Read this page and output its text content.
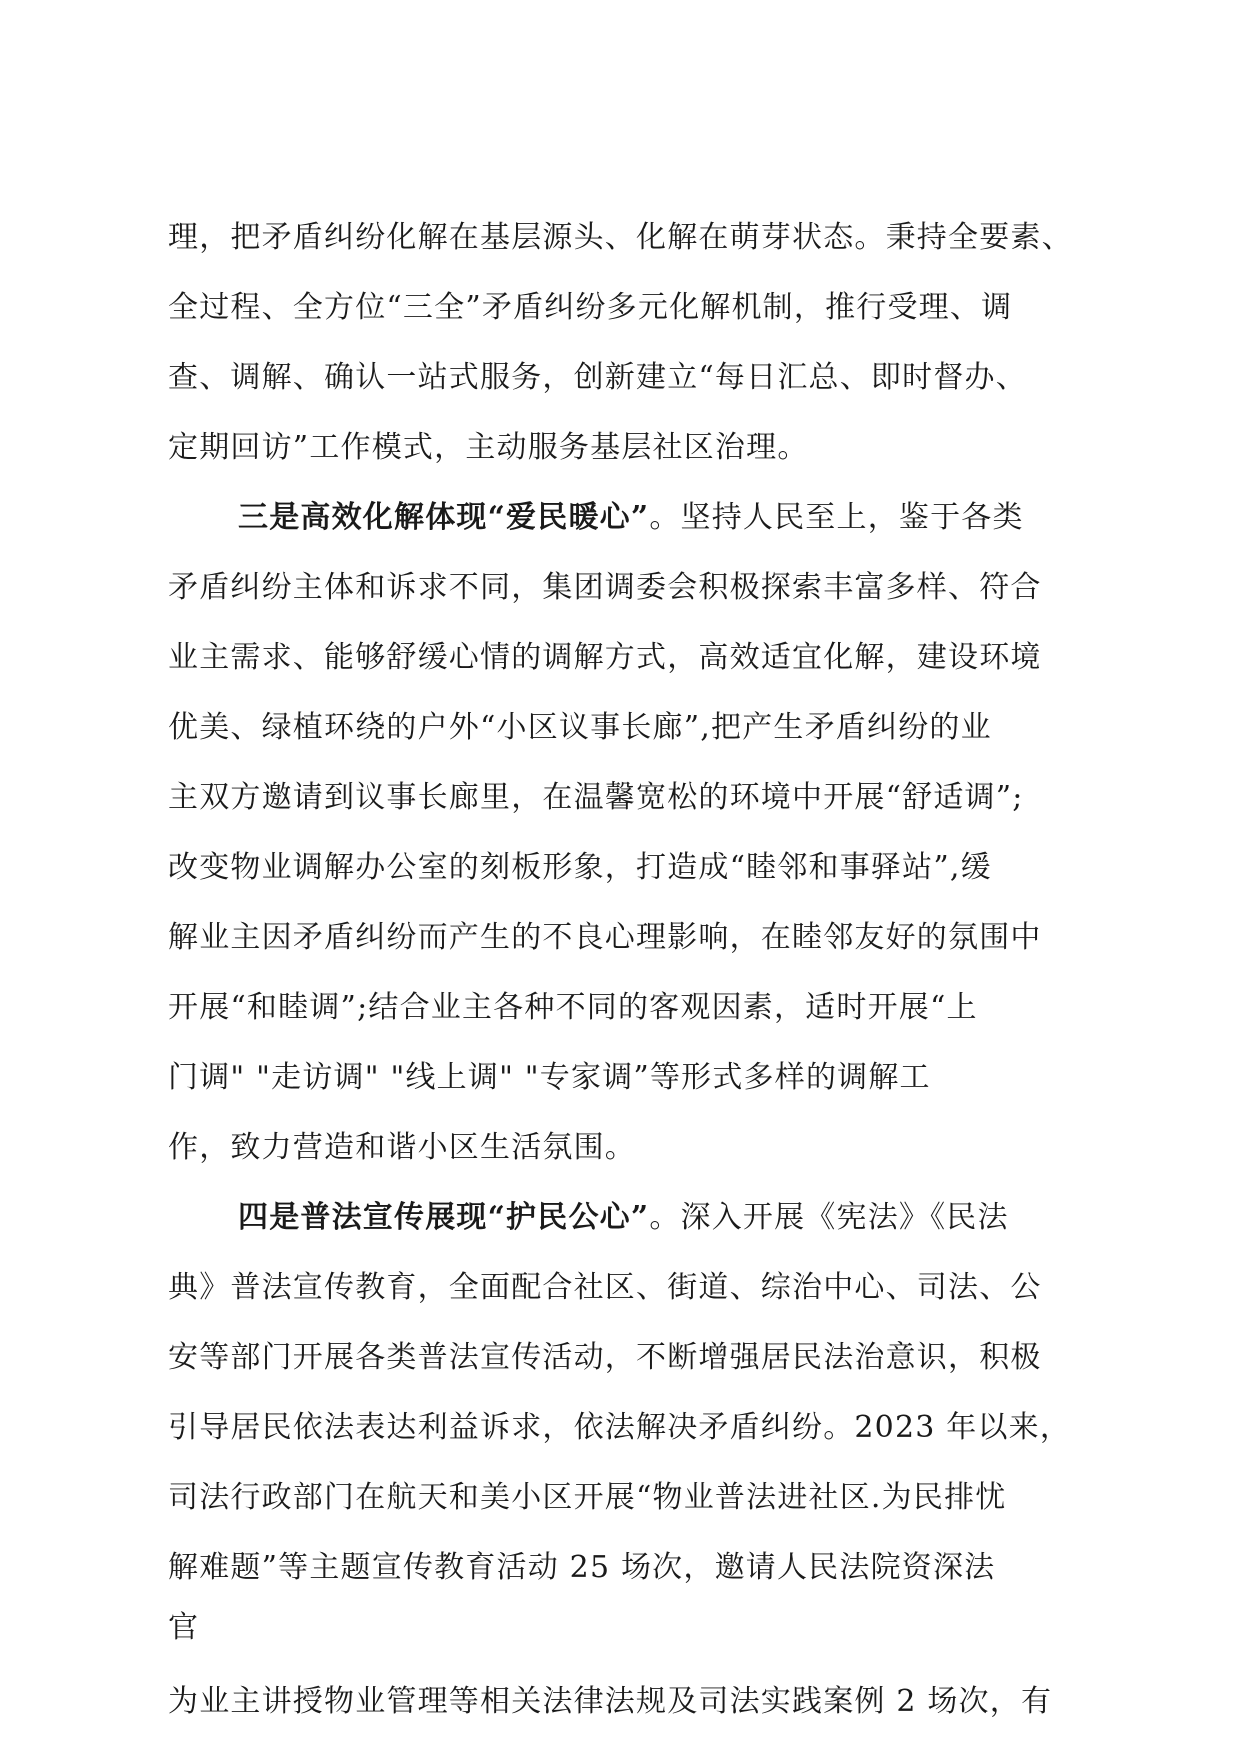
理，把矛盾纠纷化解在基层源头、化解在萌芽状态。秉持全要素、
全过程、全方位“三全”矛盾纠纷多元化解机制，推行受理、调
查、调解、确认一站式服务，创新建立“每日汇总、即时督办、
定期回访”工作模式，主动服务基层社区治理。
三是高效化解体现“爱民暖心”。坚持人民至上，鉴于各类
矛盾纠纷主体和诉求不同，集团调委会积极探索丰富多样、符合
业主需求、能够舒缓心情的调解方式，高效适宜化解，建设环境
优美、绿植环绕的户外“小区议事长廊”,把产生矛盾纠纷的业
主双方邀请到议事长廊里，在温馨宽松的环境中开展“舒适调”;
改变物业调解办公室的刻板形象，打造成“睦邻和事驿站”,缓
解业主因矛盾纠纷而产生的不良心理影响，在睦邻友好的氛围中
开展“和睦调”;结合业主各种不同的客观因素，适时开展“上
门调" "走访调" "线上调" "专家调”等形式多样的调解工
作，致力营造和谐小区生活氛围。
四是普法宣传展现“护民公心”。深入开展《宪法》《民法
典》普法宣传教育，全面配合社区、街道、综治中心、司法、公
安等部门开展各类普法宣传活动，不断增强居民法治意识，积极
引导居民依法表达利益诉求，依法解决矛盾纠纷。2023 年以来，
司法行政部门在航天和美小区开展“物业普法进社区.为民排忧
解难题”等主题宣传教育活动 25 场次，邀请人民法院资深法
官
为业主讲授物业管理等相关法律法规及司法实践案例 2 场次，有
